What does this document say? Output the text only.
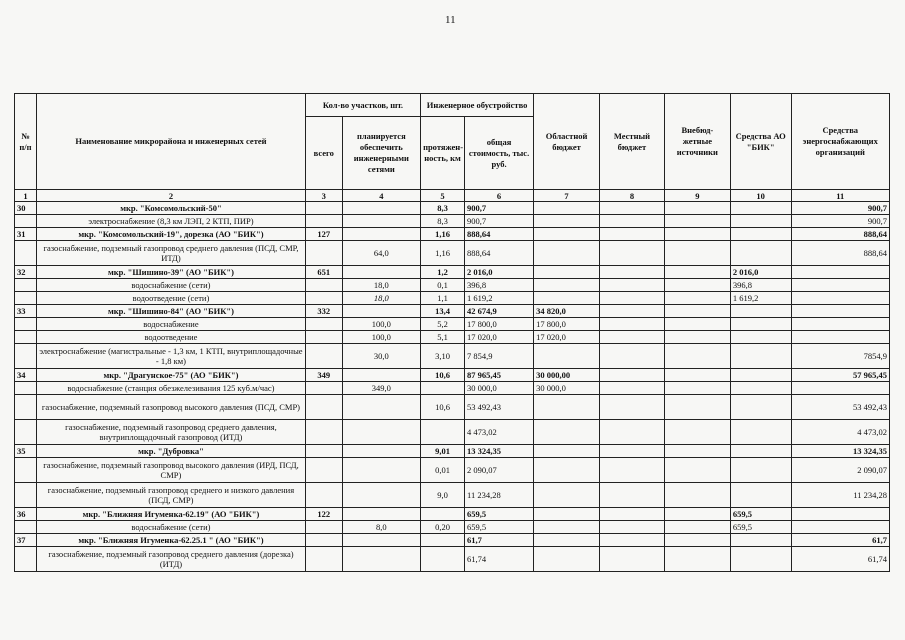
11
№ п/п	Наименование микрорайона и инженерных сетей	Кол-во участков, шт.		Инженерное обустройство		Областной бюджет	Местный бюджет	Внебюд-жетные источники	Средства АО "БИК"	Средства энергоснабжающих организаций
		всего	планируется обеспечить инженерными сетями	протяжен-ность, км	общая стоимость, тыс. руб.					
1	2	3	4	5	6	7	8	9	10	11
30	мкр. "Комсомольский-50"			8,3	900,7					900,7
	электроснабжение (8,3 км ЛЭП, 2 КТП, ПИР)			8,3	900,7					900,7
31	мкр. "Комсомольский-19", дорезка (АО "БИК")	127		1,16	888,64					888,64
	газоснабжение, подземный газопровод среднего давления (ПСД, СМР, ИТД)		64,0	1,16	888,64					888,64
32	мкр. "Шишино-39" (АО "БИК")	651		1,2	2 016,0				2 016,0	
	водоснабжение (сети)		18,0	0,1	396,8				396,8	
	водоотведение (сети)		18,0	1,1	1 619,2				1 619,2	
33	мкр. "Шишино-84" (АО "БИК")	332		13,4	42 674,9	34 820,0				
	водоснабжение		100,0	5,2	17 800,0	17 800,0				
	водоотведение		100,0	5,1	17 020,0	17 020,0				
	электроснабжение (магистральные - 1,3 км, 1 КТП, внутриплощадочные - 1,8 км)		30,0	3,10	7 854,9					7854,9
34	мкр. "Драгунское-75" (АО "БИК")	349		10,6	87 965,45	30 000,00				57 965,45
	водоснабжение (станция обезжелезивания 125 куб.м/час)		349,0		30 000,0	30 000,0				
	газоснабжение, подземный газопровод высокого давления (ПСД, СМР)			10,6	53 492,43					53 492,43
	газоснабжение, подземный газопровод среднего давления, внутриплощадочный газопровод (ИТД)				4 473,02					4 473,02
35	мкр. "Дубровка"			9,01	13 324,35					13 324,35
	газоснабжение, подземный газопровод высокого давления (ИРД, ПСД, СМР)			0,01	2 090,07					2 090,07
	газоснабжение, подземный газопровод среднего и низкого давления (ПСД, СМР)			9,0	11 234,28					11 234,28
36	мкр. "Ближняя Игуменка-62.19" (АО "БИК")	122			659,5				659,5	
	водоснабжение (сети)		8,0	0,20	659,5				659,5	
37	мкр. "Ближняя Игуменка-62.25.1 " (АО "БИК")				61,7					61,7
	газоснабжение, подземный газопровод среднего давления (дорезка) (ИТД)				61,74					61,74
